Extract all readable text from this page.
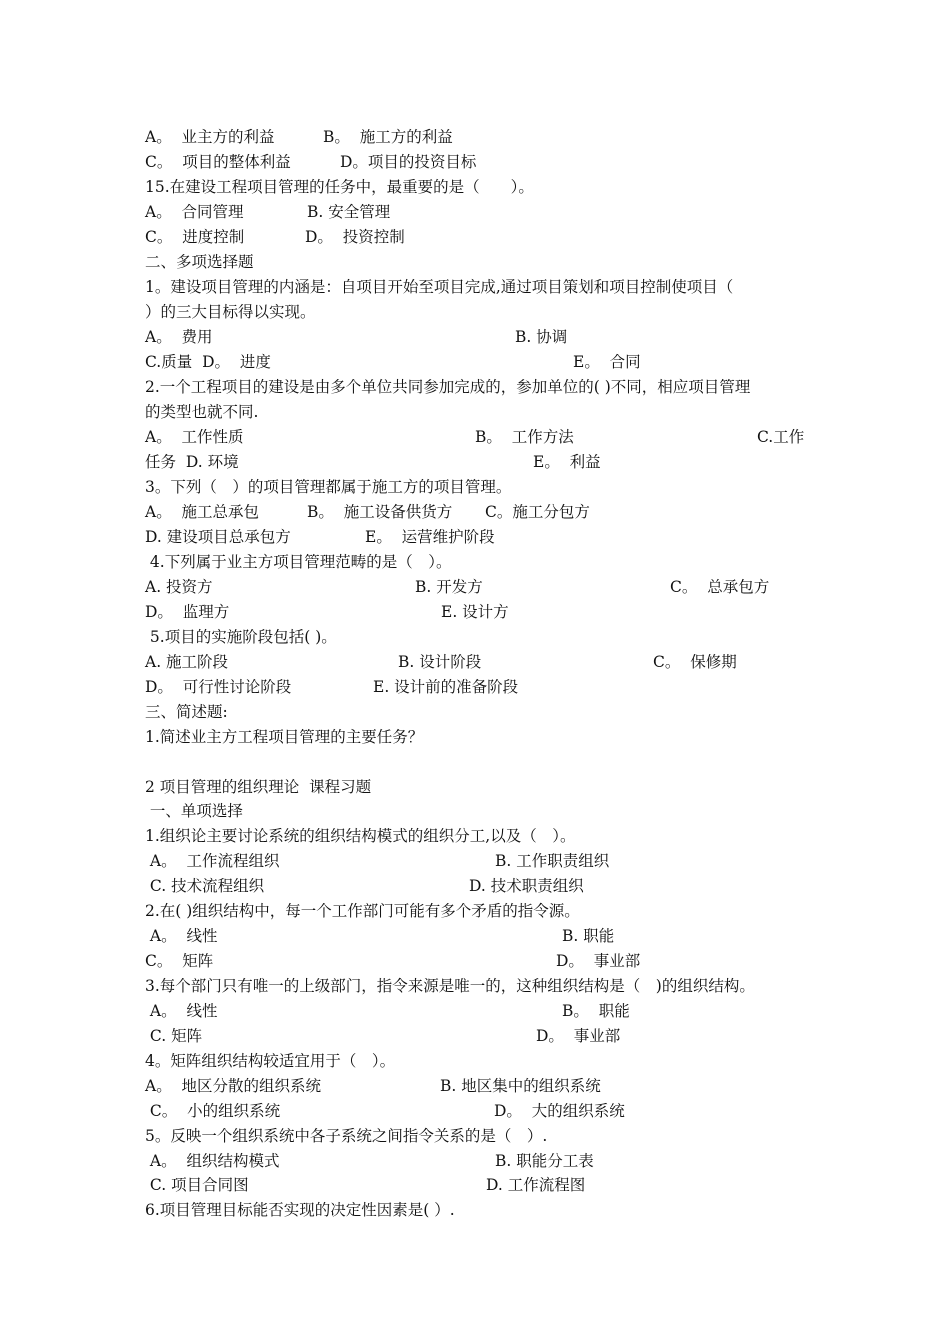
A。  业主方的利益	B。  施工方的利益
C。  项目的整体利益	D。项目的投资目标
15.在建设工程项目管理的任务中，最重要的是（　　）。
A。  合同管理	B. 安全管理
C。  进度控制	D。  投资控制
二、多项选择题
1。建设项目管理的内涵是：自项目开始至项目完成,通过项目策划和项目控制使项目（
）的三大目标得以实现。
A。  费用	B. 协调
C.质量  D。  进度	E。  合同
2.一个工程项目的建设是由多个单位共同参加完成的，参加单位的( )不同，相应项目管理
的类型也就不同.
A。  工作性质	B。  工作方法	C.工作
任务  D. 环境	E。  利益
3。下列（　）的项目管理都属于施工方的项目管理。
A。  施工总承包	B。  施工设备供货方 C。施工分包方
D. 建设项目总承包方	E。  运营维护阶段
4.下列属于业主方项目管理范畴的是（　）。
A. 投资方	B. 开发方	C。  总承包方
D。  监理方	E. 设计方
5.项目的实施阶段包括( )。
A. 施工阶段	B. 设计阶段	C。  保修期
D。  可行性讨论阶段	E. 设计前的准备阶段
三、简述题:
1.简述业主方工程项目管理的主要任务？
2 项目管理的组织理论  课程习题
一、单项选择
1.组织论主要讨论系统的组织结构模式的组织分工,以及（　）。
A。  工作流程组织	B. 工作职责组织
C. 技术流程组织	D. 技术职责组织
2.在( )组织结构中，每一个工作部门可能有多个矛盾的指令源。
A。  线性	B. 职能
C。  矩阵	D。  事业部
3.每个部门只有唯一的上级部门，指令来源是唯一的，这种组织结构是（　)的组织结构。
A。  线性	B。  职能
C. 矩阵	D。  事业部
4。矩阵组织结构较适宜用于（　）。
A。  地区分散的组织系统	B. 地区集中的组织系统
C。  小的组织系统	D。  大的组织系统
5。反映一个组织系统中各子系统之间指令关系的是（　）.
A。  组织结构模式	B. 职能分工表
C. 项目合同图	D. 工作流程图
6.项目管理目标能否实现的决定性因素是( ）.
